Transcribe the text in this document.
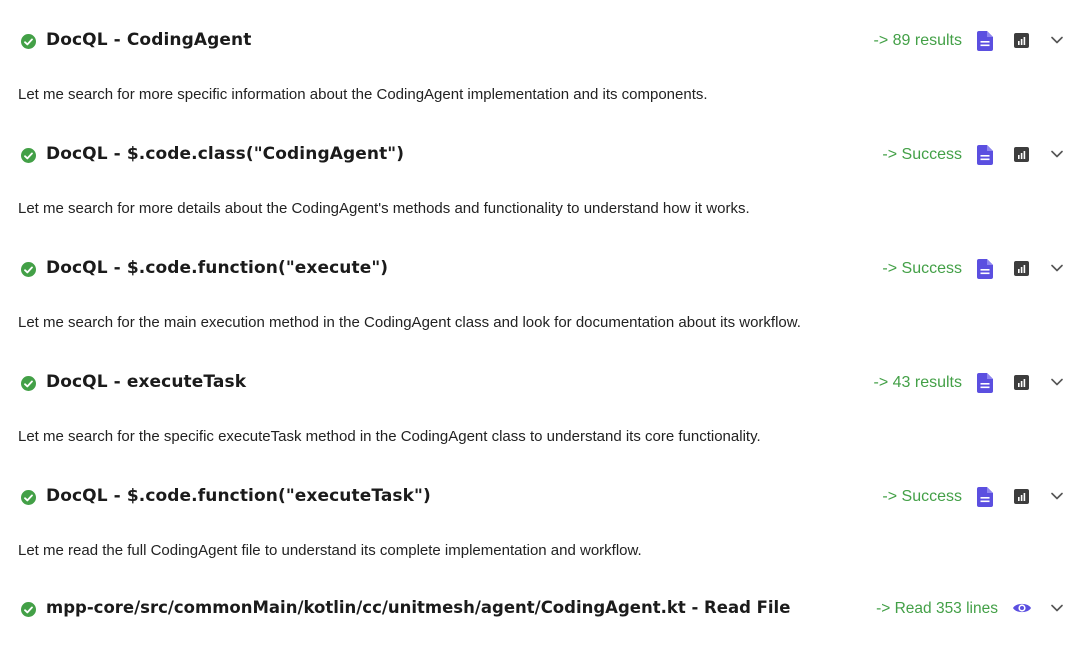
DocQL - CodingAgent	-> 89 results
Let me search for more specific information about the CodingAgent implementation and its components.
DocQL - $.code.class("CodingAgent")	-> Success
Let me search for more details about the CodingAgent's methods and functionality to understand how it works.
DocQL - $.code.function("execute")	-> Success
Let me search for the main execution method in the CodingAgent class and look for documentation about its workflow.
DocQL - executeTask	-> 43 results
Let me search for the specific executeTask method in the CodingAgent class to understand its core functionality.
DocQL - $.code.function("executeTask")	-> Success
Let me read the full CodingAgent file to understand its complete implementation and workflow.
mpp-core/src/commonMain/kotlin/cc/unitmesh/agent/CodingAgent.kt - Read File	-> Read 353 lines
